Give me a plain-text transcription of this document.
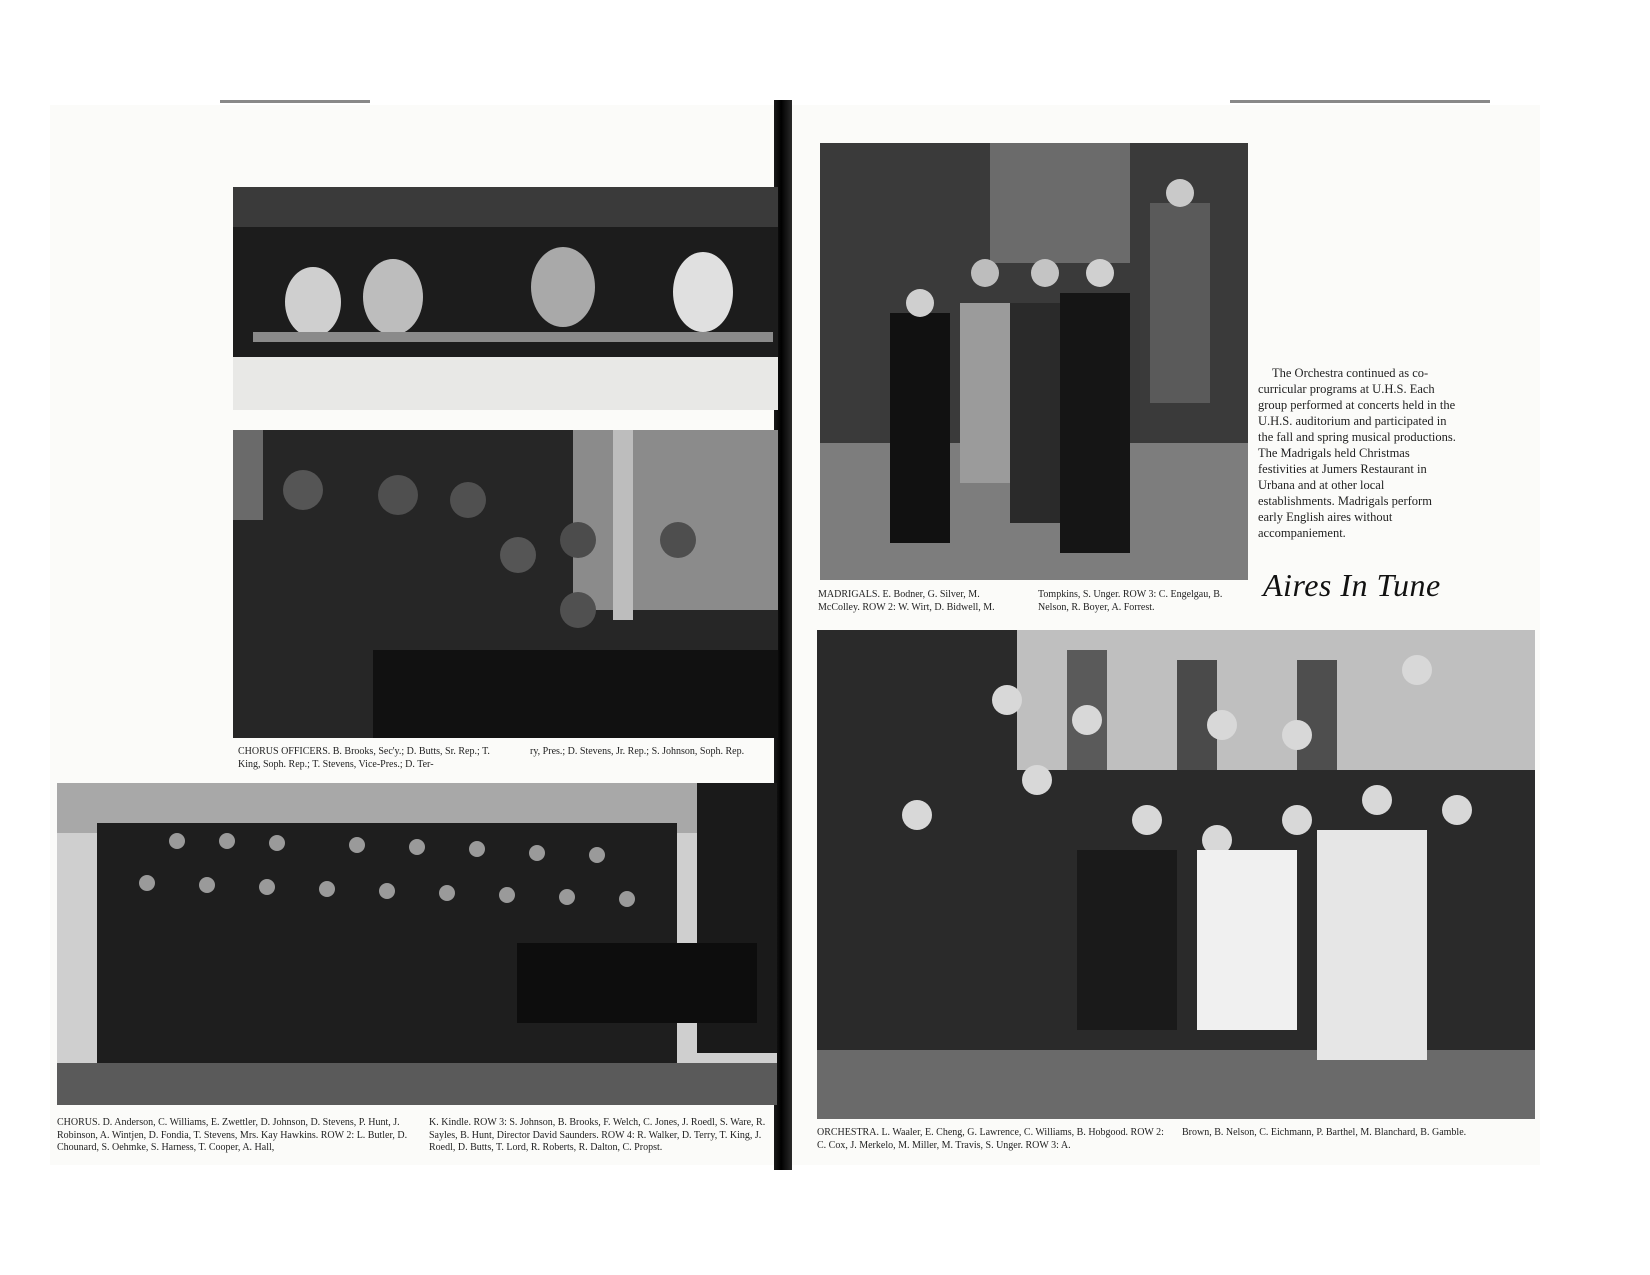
CHORUS OFFICERS. B. Brooks, Sec'y.; D. Butts, Sr. Rep.; T. King, Soph. Rep.; T. Stevens, Vice-Pres.; D. Ter-
ry, Pres.; D. Stevens, Jr. Rep.; S. Johnson, Soph. Rep.
CHORUS. D. Anderson, C. Williams, E. Zwettler, D. Johnson, D. Stevens, P. Hunt, J. Robinson, A. Wintjen, D. Fondia, T. Stevens, Mrs. Kay Hawkins. ROW 2: L. Butler, D. Chounard, S. Oehmke, S. Harness, T. Cooper, A. Hall,
K. Kindle. ROW 3: S. Johnson, B. Brooks, F. Welch, C. Jones, J. Roedl, S. Ware, R. Sayles, B. Hunt, Director David Saunders. ROW 4: R. Walker, D. Terry, T. King, J. Roedl, D. Butts, T. Lord, R. Roberts, R. Dalton, C. Propst.
MADRIGALS. E. Bodner, G. Silver, M. McColley. ROW 2: W. Wirt, D. Bidwell, M.
Tompkins, S. Unger. ROW 3: C. Engelgau, B. Nelson, R. Boyer, A. Forrest.

The Orchestra continued as co-curricular programs at U.H.S. Each group performed at concerts held in the U.H.S. auditorium and participated in the fall and spring musical productions. The Madrigals held Christmas festivities at Jumers Restaurant in Urbana and at other local establishments. Madrigals perform early English aires without accompaniement.

Aires In Tune
ORCHESTRA. L. Waaler, E. Cheng, G. Lawrence, C. Williams, B. Hobgood. ROW 2: C. Cox, J. Merkelo, M. Miller, M. Travis, S. Unger. ROW 3: A.
Brown, B. Nelson, C. Eichmann, P. Barthel, M. Blanchard, B. Gamble.
